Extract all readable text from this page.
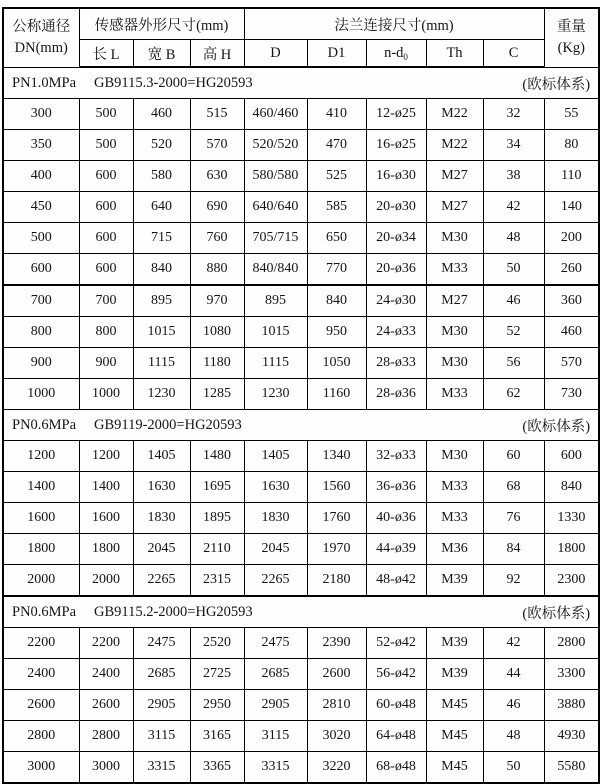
公称通径
DN(mm)
	传感器外形尺寸(mm)	法兰连接尺寸(mm)	重量
(Kg)

	长 L	宽 B	高 H	D	D1	$n-d_0$	Th	C	

PN1.0MPa GB9115.3-2000=HG20593 (欧标体系)									

300	500	460	515	460/460	410	12-ø25	M22	32	55
350	500	520	570	520/520	470	16-ø25	M22	34	80
400	600	580	630	580/580	525	16-ø30	M27	38	110
450	600	640	690	640/640	585	20-ø30	M27	42	140
500	600	715	760	705/715	650	20-ø34	M30	48	200
600	600	840	880	840/840	770	20-ø36	M33	50	260
700	700	895	970	895	840	24-ø30	M27	46	360
800	800	1015	1080	1015	950	24-ø33	M30	52	460
900	900	1115	1180	1115	1050	28-ø33	M30	56	570
1000	1000	1230	1285	1230	1160	28-ø36	M33	62	730

PN0.6MPa GB9119-2000=HG20593 (欧标体系)									

1200	1200	1405	1480	1405	1340	32-ø33	M30	60	600
1400	1400	1630	1695	1630	1560	36-ø36	M33	68	840
1600	1600	1830	1895	1830	1760	40-ø36	M33	76	1330
1800	1800	2045	2110	2045	1970	44-ø39	M36	84	1800
2000	2000	2265	2315	2265	2180	48-ø42	M39	92	2300

PN0.6MPa GB9115.2-2000=HG20593 (欧标体系)									

2200	2200	2475	2520	2475	2390	52-ø42	M39	42	2800
2400	2400	2685	2725	2685	2600	56-ø42	M39	44	3300
2600	2600	2905	2950	2905	2810	60-ø48	M45	46	3880
2800	2800	3115	3165	3115	3020	64-ø48	M45	48	4930
3000	3000	3315	3365	3315	3220	68-ø48	M45	50	5580
